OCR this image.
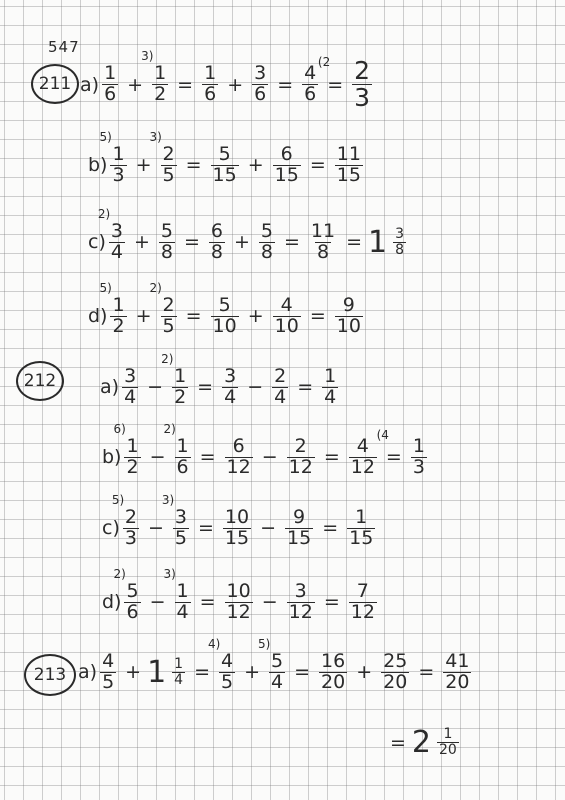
547
211
212
213
$a) \frac{1}{6}$ +
3)
1
$2 = \frac{1}{6} + \frac{3}{6}$ =
(2
4
$6 = \frac{2}{3}$
b)
5)
1
3 +
3)
2
$5 = \frac{5}{15} + \frac{6}{15} = \frac{11}{15}$
c)
2)
3
$4 + \frac{5}{8} = \frac{6}{8} + \frac{5}{8} = \frac{11}{8} = 1 \frac{3}{8}$
d)
5)
1
2 +
2)
2
$5 = \frac{5}{10} + \frac{4}{10} = \frac{9}{10}$
$a) \frac{3}{4}$ −
2)
1
$2 = \frac{3}{4} - \frac{2}{4} = \frac{1}{4}$
b)
6)
1
2 −
2)
1
$6 = \frac{6}{12} - \frac{2}{12}$ =
(4
4
$12 = \frac{1}{3}$
c)
5)
2
3 −
3)
3
$5 = \frac{10}{15} - \frac{9}{15} = \frac{1}{15}$
d)
2)
5
6 −
3)
1
$4 = \frac{10}{12} - \frac{3}{12} = \frac{7}{12}$
$a) \frac{4}{5} + 1 \frac{1}{4}$ =
4)
4
5 +
5)
5
$4 = \frac{16}{20} + \frac{25}{20} = \frac{41}{20}$
= $2 \frac{1}{20}$
